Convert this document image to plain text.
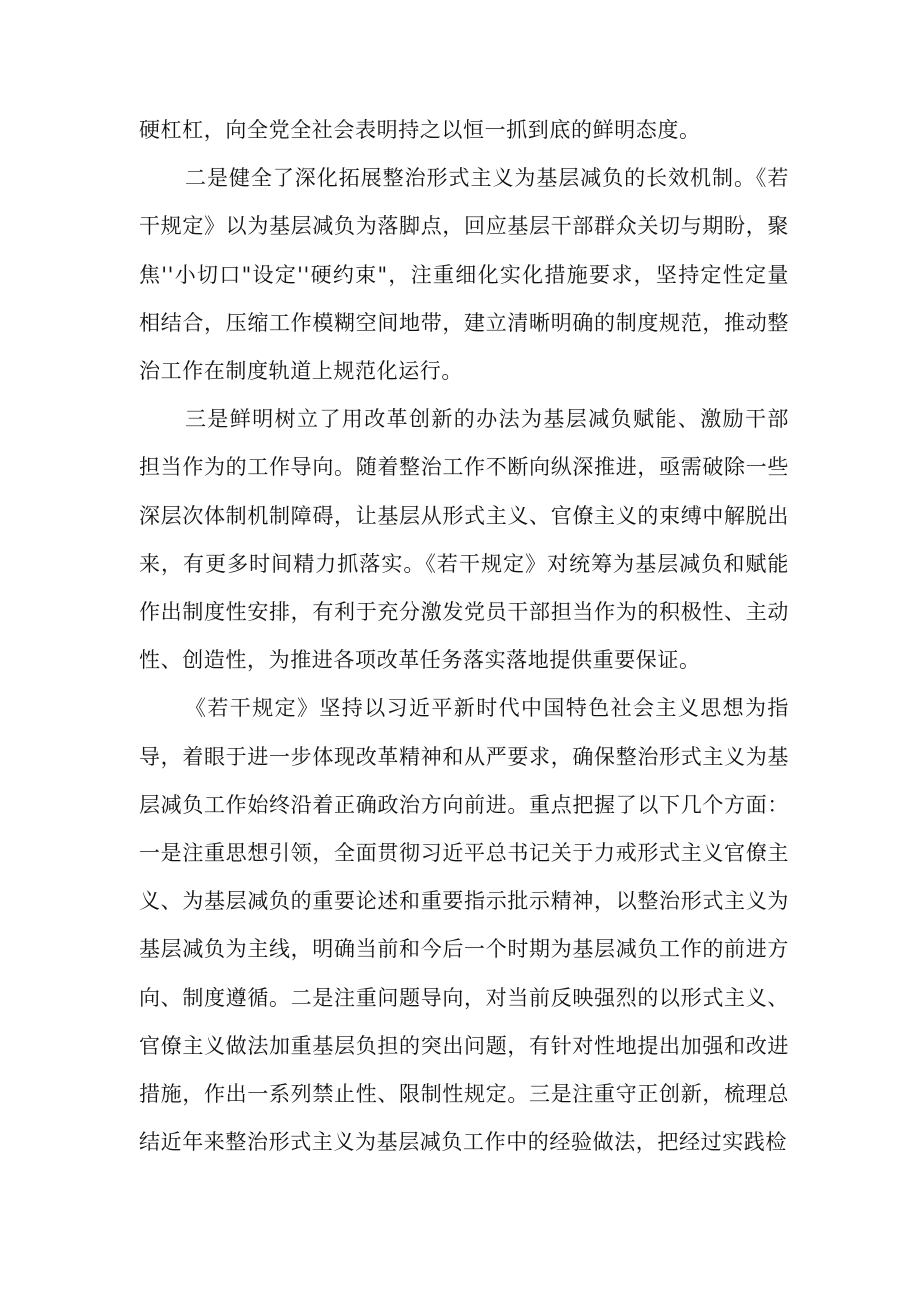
硬杠杠，向全党全社会表明持之以恒一抓到底的鲜明态度。

二是健全了深化拓展整治形式主义为基层减负的长效机制。《若干规定》以为基层减负为落脚点，回应基层干部群众关切与期盼，聚焦''小切口"设定''硬约束"，注重细化实化措施要求，坚持定性定量相结合，压缩工作模糊空间地带，建立清晰明确的制度规范，推动整治工作在制度轨道上规范化运行。

三是鲜明树立了用改革创新的办法为基层减负赋能、激励干部担当作为的工作导向。随着整治工作不断向纵深推进，亟需破除一些深层次体制机制障碍，让基层从形式主义、官僚主义的束缚中解脱出来，有更多时间精力抓落实。《若干规定》对统筹为基层减负和赋能作出制度性安排，有利于充分激发党员干部担当作为的积极性、主动性、创造性，为推进各项改革任务落实落地提供重要保证。

《若干规定》坚持以习近平新时代中国特色社会主义思想为指导，着眼于进一步体现改革精神和从严要求，确保整治形式主义为基层减负工作始终沿着正确政治方向前进。重点把握了以下几个方面：一是注重思想引领，全面贯彻习近平总书记关于力戒形式主义官僚主义、为基层减负的重要论述和重要指示批示精神，以整治形式主义为基层减负为主线，明确当前和今后一个时期为基层减负工作的前进方向、制度遵循。二是注重问题导向，对当前反映强烈的以形式主义、官僚主义做法加重基层负担的突出问题，有针对性地提出加强和改进措施，作出一系列禁止性、限制性规定。三是注重守正创新，梳理总结近年来整治形式主义为基层减负工作中的经验做法，把经过实践检
